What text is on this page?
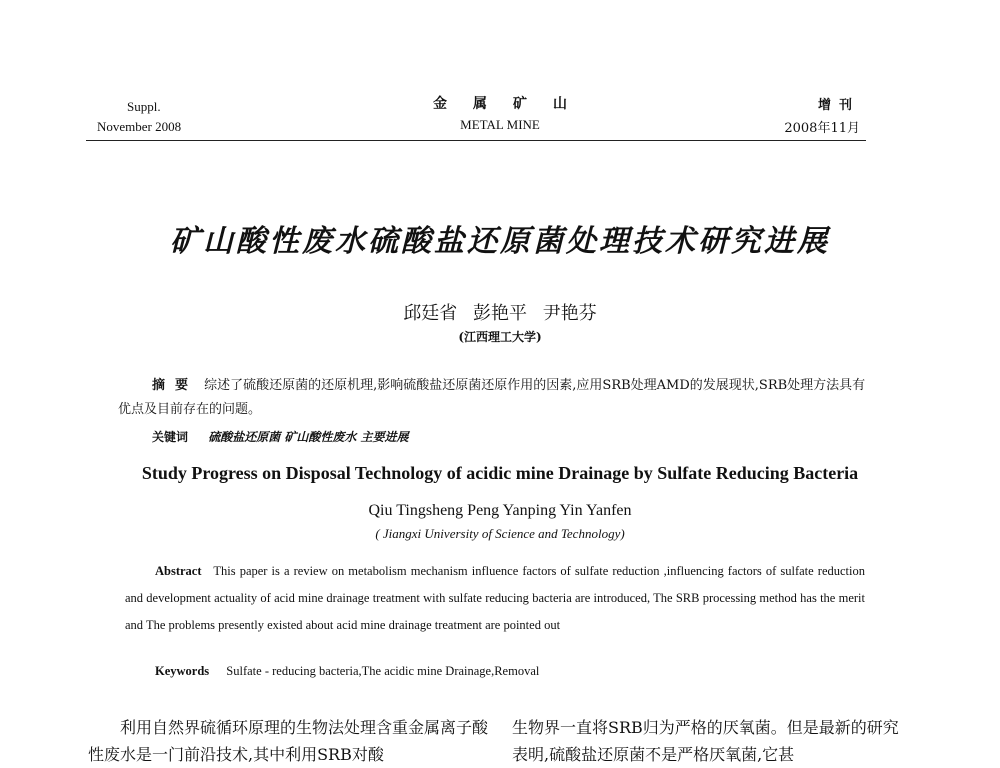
Suppl.
November 2008
金属矿山
METAL MINE
增刊
2008年11月
矿山酸性废水硫酸盐还原菌处理技术研究进展
邱廷省 彭艳平 尹艳芬
(江西理工大学)
摘要 综述了硫酸还原菌的还原机理,影响硫酸盐还原菌还原作用的因素,应用SRB处理AMD的发展现状,SRB处理方法具有优点及目前存在的问题。
关键词 硫酸盐还原菌 矿山酸性废水 主要进展
Study Progress on Disposal Technology of acidic mine Drainage by Sulfate Reducing Bacteria
Qiu Tingsheng Peng Yanping Yin Yanfen
( Jiangxi University of Science and Technology)
Abstract This paper is a review on metabolism mechanism influence factors of sulfate reduction ,influencing factors of sulfate reduction and development actuality of acid mine drainage treatment with sulfate reducing bacteria are introduced, The SRB processing method has the merit and The problems presently existed about acid mine drainage treatment are pointed out
Keywords Sulfate - reducing bacteria,The acidic mine Drainage,Removal
利用自然界硫循环原理的生物法处理含重金属离子酸性废水是一门前沿技术,其中利用SRB对酸
生物界一直将SRB归为严格的厌氧菌。但是最新的研究表明,硫酸盐还原菌不是严格厌氧菌,它甚
